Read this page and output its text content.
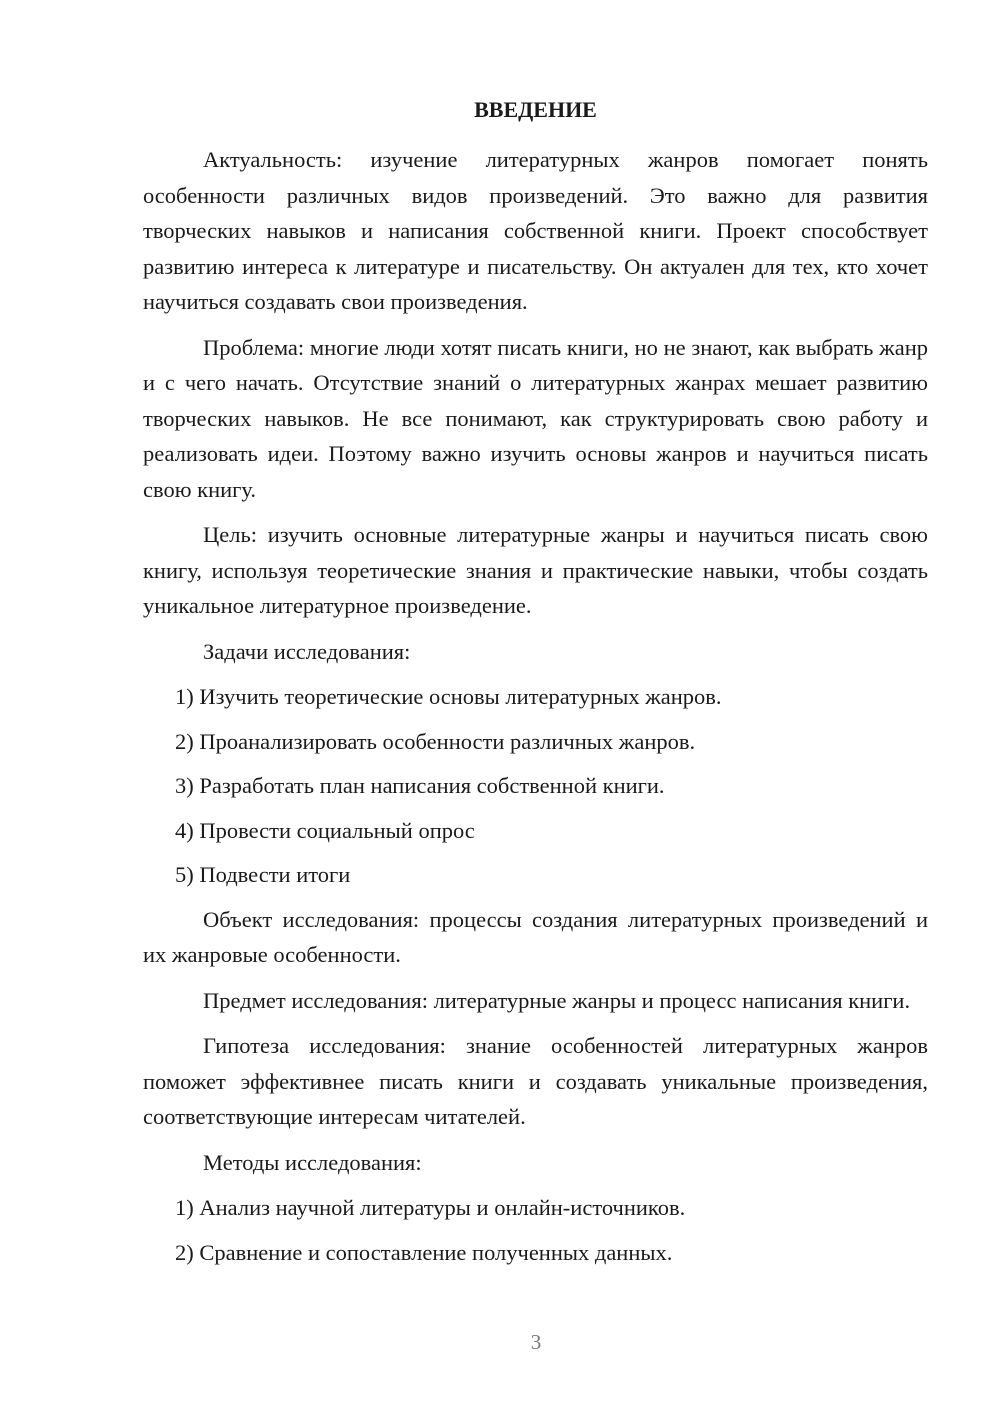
ВВЕДЕНИЕ

Актуальность: изучение литературных жанров помогает понять особенности различных видов произведений. Это важно для развития творческих навыков и написания собственной книги. Проект способствует развитию интереса к литературе и писательству. Он актуален для тех, кто хочет научиться создавать свои произведения.

Проблема: многие люди хотят писать книги, но не знают, как выбрать жанр и с чего начать. Отсутствие знаний о литературных жанрах мешает развитию творческих навыков. Не все понимают, как структурировать свою работу и реализовать идеи. Поэтому важно изучить основы жанров и научиться писать свою книгу.

Цель: изучить основные литературные жанры и научиться писать свою книгу, используя теоретические знания и практические навыки, чтобы создать уникальное литературное произведение.

Задачи исследования:

1) Изучить теоретические основы литературных жанров.

2) Проанализировать особенности различных жанров.

3) Разработать план написания собственной книги.

4) Провести социальный опрос

5) Подвести итоги

Объект исследования: процессы создания литературных произведений и их жанровые особенности.

Предмет исследования: литературные жанры и процесс написания книги.

Гипотеза исследования: знание особенностей литературных жанров поможет эффективнее писать книги и создавать уникальные произведения, соответствующие интересам читателей.

Методы исследования:

1) Анализ научной литературы и онлайн-источников.

2) Сравнение и сопоставление полученных данных.

3
